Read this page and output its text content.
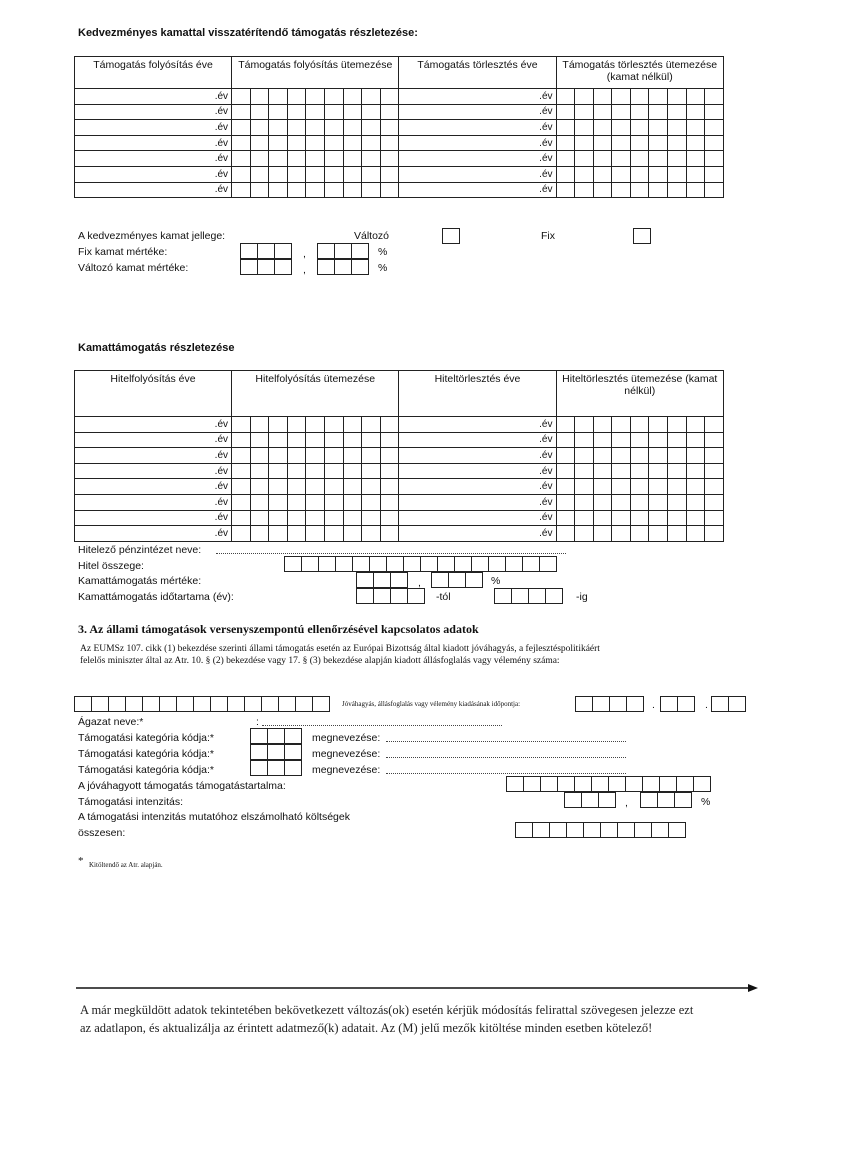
Kedvezményes kamattal visszatérítendő támogatás részletezése:
Támogatás folyósítás éve	Támogatás folyósítás ütemezése									Támogatás törlesztés éve	Támogatás törlesztés ütemezése (kamat nélkül)								
.év										.év									
.év										.év									
.év										.év									
.év										.év									
.év										.év									
.év										.év									
.év										.év									
A kedvezményes kamat jellege:	Változó	Fix
Fix kamat mértéke:	,	%
Változó kamat mértéke:	,	%
Kamattámogatás részletezése
Hitelfolyósítás éve	Hitelfolyósítás ütemezése									Hiteltörlesztés éve	Hiteltörlesztés ütemezése (kamat nélkül)								
.év										.év									
.év										.év									
.év										.év									
.év										.év									
.év										.év									
.év										.év									
.év										.év									
.év										.év									
Hitelező pénzintézet neve:
Hitel összege:
Kamattámogatás mértéke:	,	%
Kamattámogatás időtartama (év):	-tól	-ig
3. Az állami támogatások versenyszempontú ellenőrzésével kapcsolatos adatok
Az EUMSz 107. cikk (1) bekezdése szerinti állami támogatás esetén az Európai Bizottság által kiadott jóváhagyás, a fejlesztéspolitikáért felelős miniszter által az Atr. 10. § (2) bekezdése vagy 17. § (3) bekezdése alapján kiadott állásfoglalás vagy vélemény száma:
Jóváhagyás, állásfoglalás vagy vélemény kiadásának időpontja:	.	.
Ágazat neve:*	:
Támogatási kategória kódja:*	megnevezése:
Támogatási kategória kódja:*	megnevezése:
Támogatási kategória kódja:*	megnevezése:
A jóváhagyott támogatás támogatástartalma:
Támogatási intenzitás:	,	%
A támogatási intenzitás mutatóhoz elszámolható költségek
összesen:
* Kitöltendő az Atr. alapján.
A már megküldött adatok tekintetében bekövetkezett változás(ok) esetén kérjük módosítás felirattal szövegesen jelezze ezt
az adatlapon, és aktualizálja az érintett adatmező(k) adatait. Az (M) jelű mezők kitöltése minden esetben kötelező!
